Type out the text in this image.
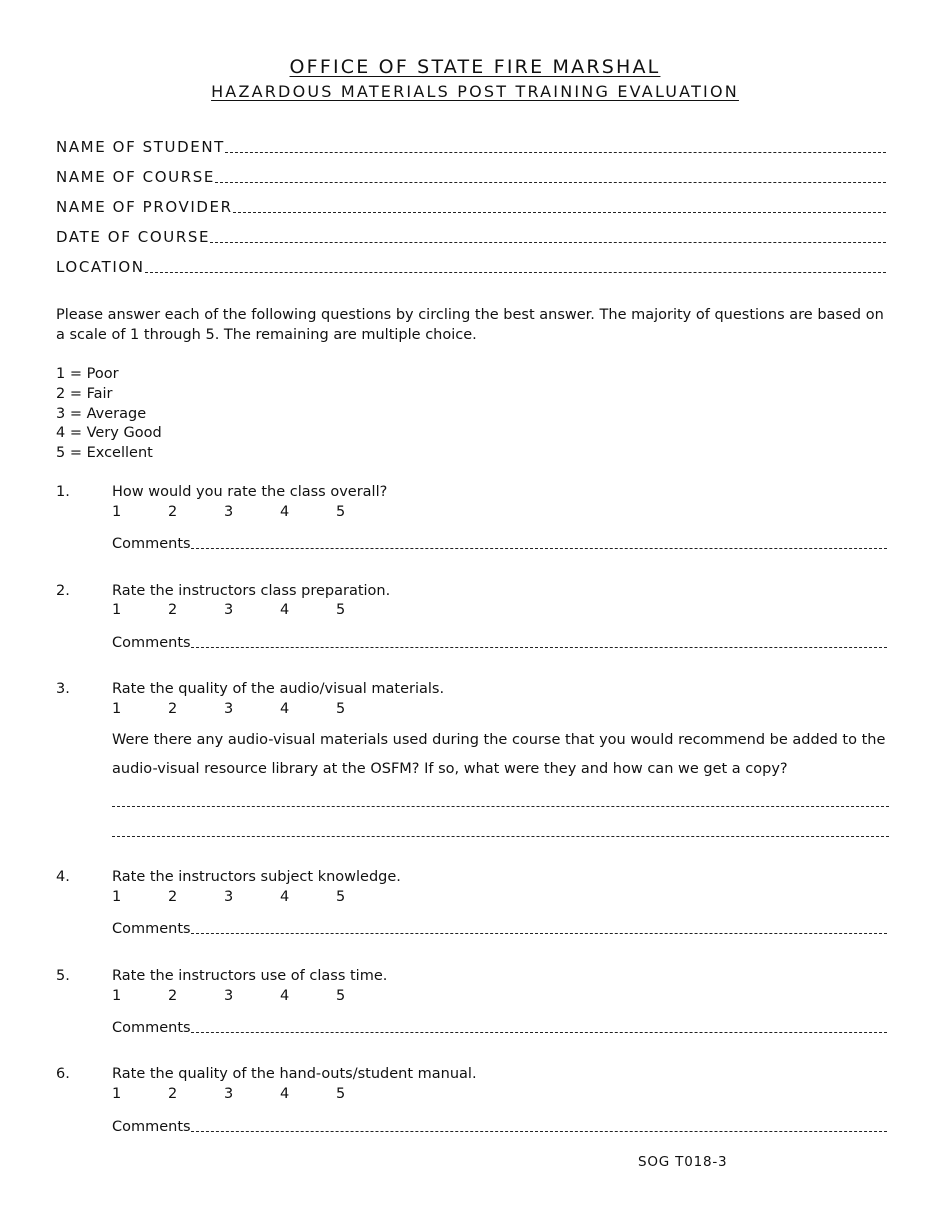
OFFICE OF STATE FIRE MARSHAL
HAZARDOUS MATERIALS POST TRAINING EVALUATION
NAME OF STUDENT
NAME OF COURSE
NAME OF PROVIDER
DATE OF COURSE
LOCATION
Please answer each of the following questions by circling the best answer. The majority of questions are based on a scale of 1 through 5. The remaining are multiple choice.
1 = Poor
2 = Fair
3 = Average
4 = Very Good
5 = Excellent
1.	How would you rate the class overall?
1	2	3	4	5
Comments
2.	Rate the instructors class preparation.
1	2	3	4	5
Comments
3.	Rate the quality of the audio/visual materials.
1	2	3	4	5
Were there any audio-visual materials used during the course that you would recommend be added to the audio-visual resource library at the OSFM? If so, what were they and how can we get a copy?
4.	Rate the instructors subject knowledge.
1	2	3	4	5
Comments
5.	Rate the instructors use of class time.
1	2	3	4	5
Comments
6.	Rate the quality of the hand-outs/student manual.
1	2	3	4	5
Comments
SOG T018-3
